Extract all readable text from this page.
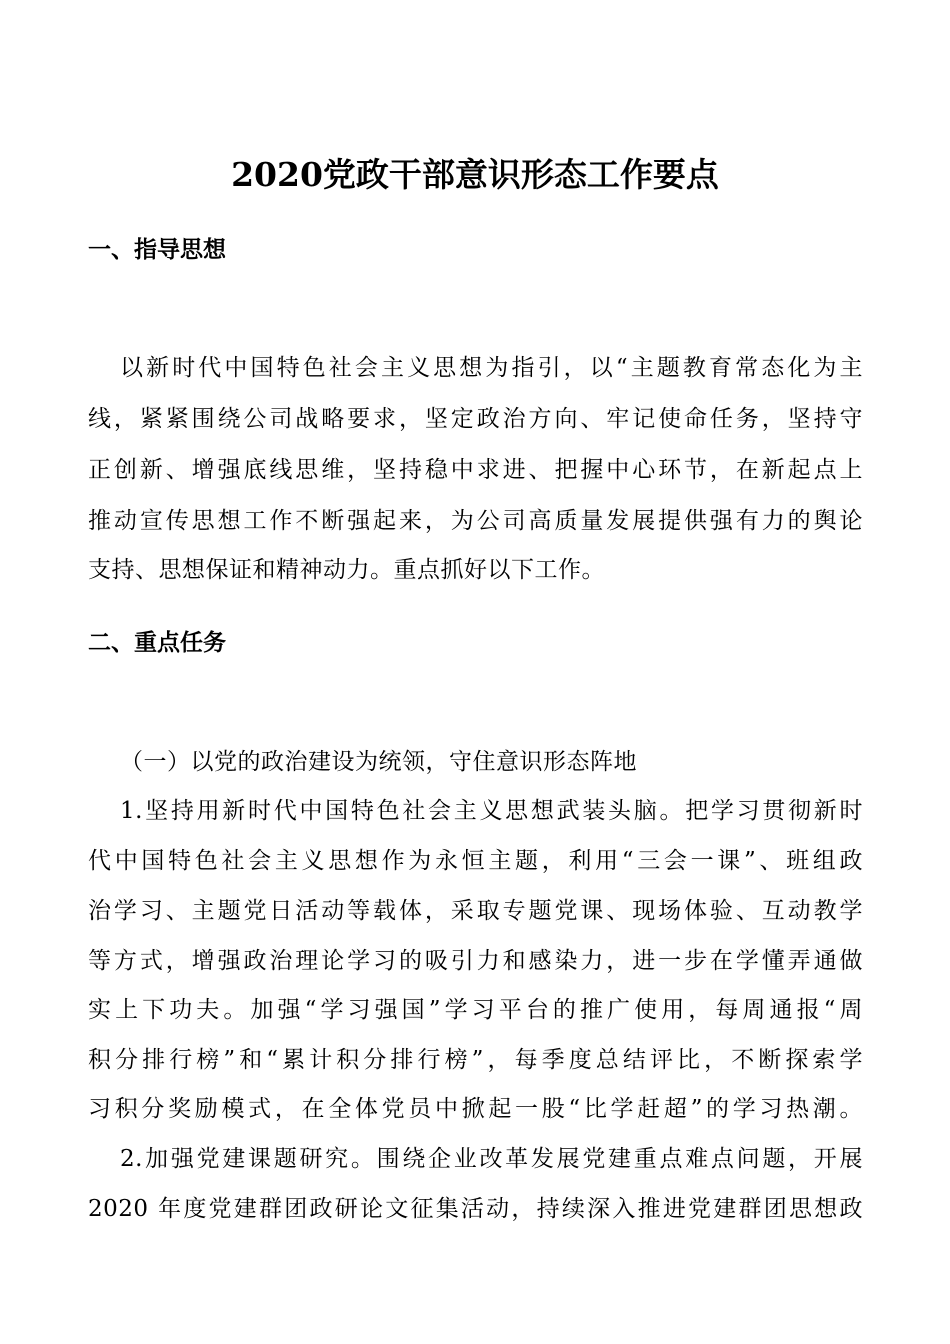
2020党政干部意识形态工作要点
一、指导思想
以新时代中国特色社会主义思想为指引，以“主题教育常态化为主
线，紧紧围绕公司战略要求，坚定政治方向、牢记使命任务，坚持守
正创新、增强底线思维，坚持稳中求进、把握中心环节，在新起点上
推动宣传思想工作不断强起来，为公司高质量发展提供强有力的舆论
支持、思想保证和精神动力。重点抓好以下工作。
二、重点任务
（一）以党的政治建设为统领，守住意识形态阵地
1.坚持用新时代中国特色社会主义思想武装头脑。把学习贯彻新时
代中国特色社会主义思想作为永恒主题，利用“三会一课”、班组政
治学习、主题党日活动等载体，采取专题党课、现场体验、互动教学
等方式，增强政治理论学习的吸引力和感染力，进一步在学懂弄通做
实上下功夫。加强“学习强国”学习平台的推广使用，每周通报“周
积分排行榜”和“累计积分排行榜”，每季度总结评比，不断探索学
习积分奖励模式，在全体党员中掀起一股“比学赶超”的学习热潮。
2.加强党建课题研究。围绕企业改革发展党建重点难点问题，开展
2020 年度党建群团政研论文征集活动，持续深入推进党建群团思想政
